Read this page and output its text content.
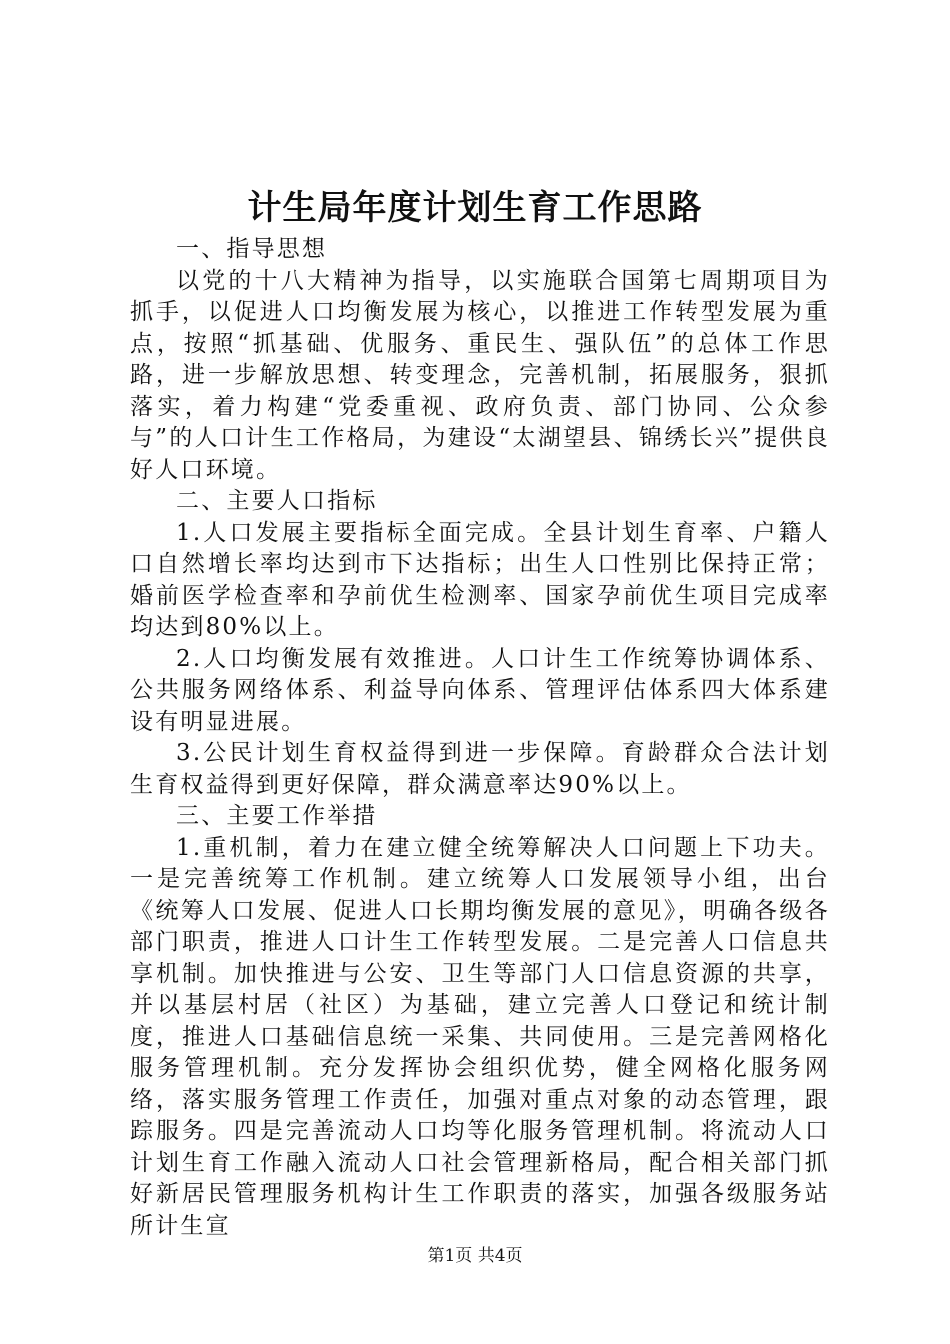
计生局年度计划生育工作思路

一、指导思想

以党的十八大精神为指导，以实施联合国第七周期项目为抓手，以促进人口均衡发展为核心，以推进工作转型发展为重点，按照“抓基础、优服务、重民生、强队伍”的总体工作思路，进一步解放思想、转变理念，完善机制，拓展服务，狠抓落实，着力构建“党委重视、政府负责、部门协同、公众参与”的人口计生工作格局，为建设“太湖望县、锦绣长兴”提供良好人口环境。

二、主要人口指标

1.人口发展主要指标全面完成。全县计划生育率、户籍人口自然增长率均达到市下达指标；出生人口性别比保持正常；婚前医学检查率和孕前优生检测率、国家孕前优生项目完成率均达到80%以上。

2.人口均衡发展有效推进。人口计生工作统筹协调体系、公共服务网络体系、利益导向体系、管理评估体系四大体系建设有明显进展。

3.公民计划生育权益得到进一步保障。育龄群众合法计划生育权益得到更好保障，群众满意率达90%以上。

三、主要工作举措

1.重机制，着力在建立健全统筹解决人口问题上下功夫。一是完善统筹工作机制。建立统筹人口发展领导小组，出台《统筹人口发展、促进人口长期均衡发展的意见》，明确各级各部门职责，推进人口计生工作转型发展。二是完善人口信息共享机制。加快推进与公安、卫生等部门人口信息资源的共享，并以基层村居（社区）为基础，建立完善人口登记和统计制度，推进人口基础信息统一采集、共同使用。三是完善网格化服务管理机制。充分发挥协会组织优势，健全网格化服务网络，落实服务管理工作责任，加强对重点对象的动态管理，跟踪服务。四是完善流动人口均等化服务管理机制。将流动人口计划生育工作融入流动人口社会管理新格局，配合相关部门抓好新居民管理服务机构计生工作职责的落实，加强各级服务站所计生宣

第1页 共4页
